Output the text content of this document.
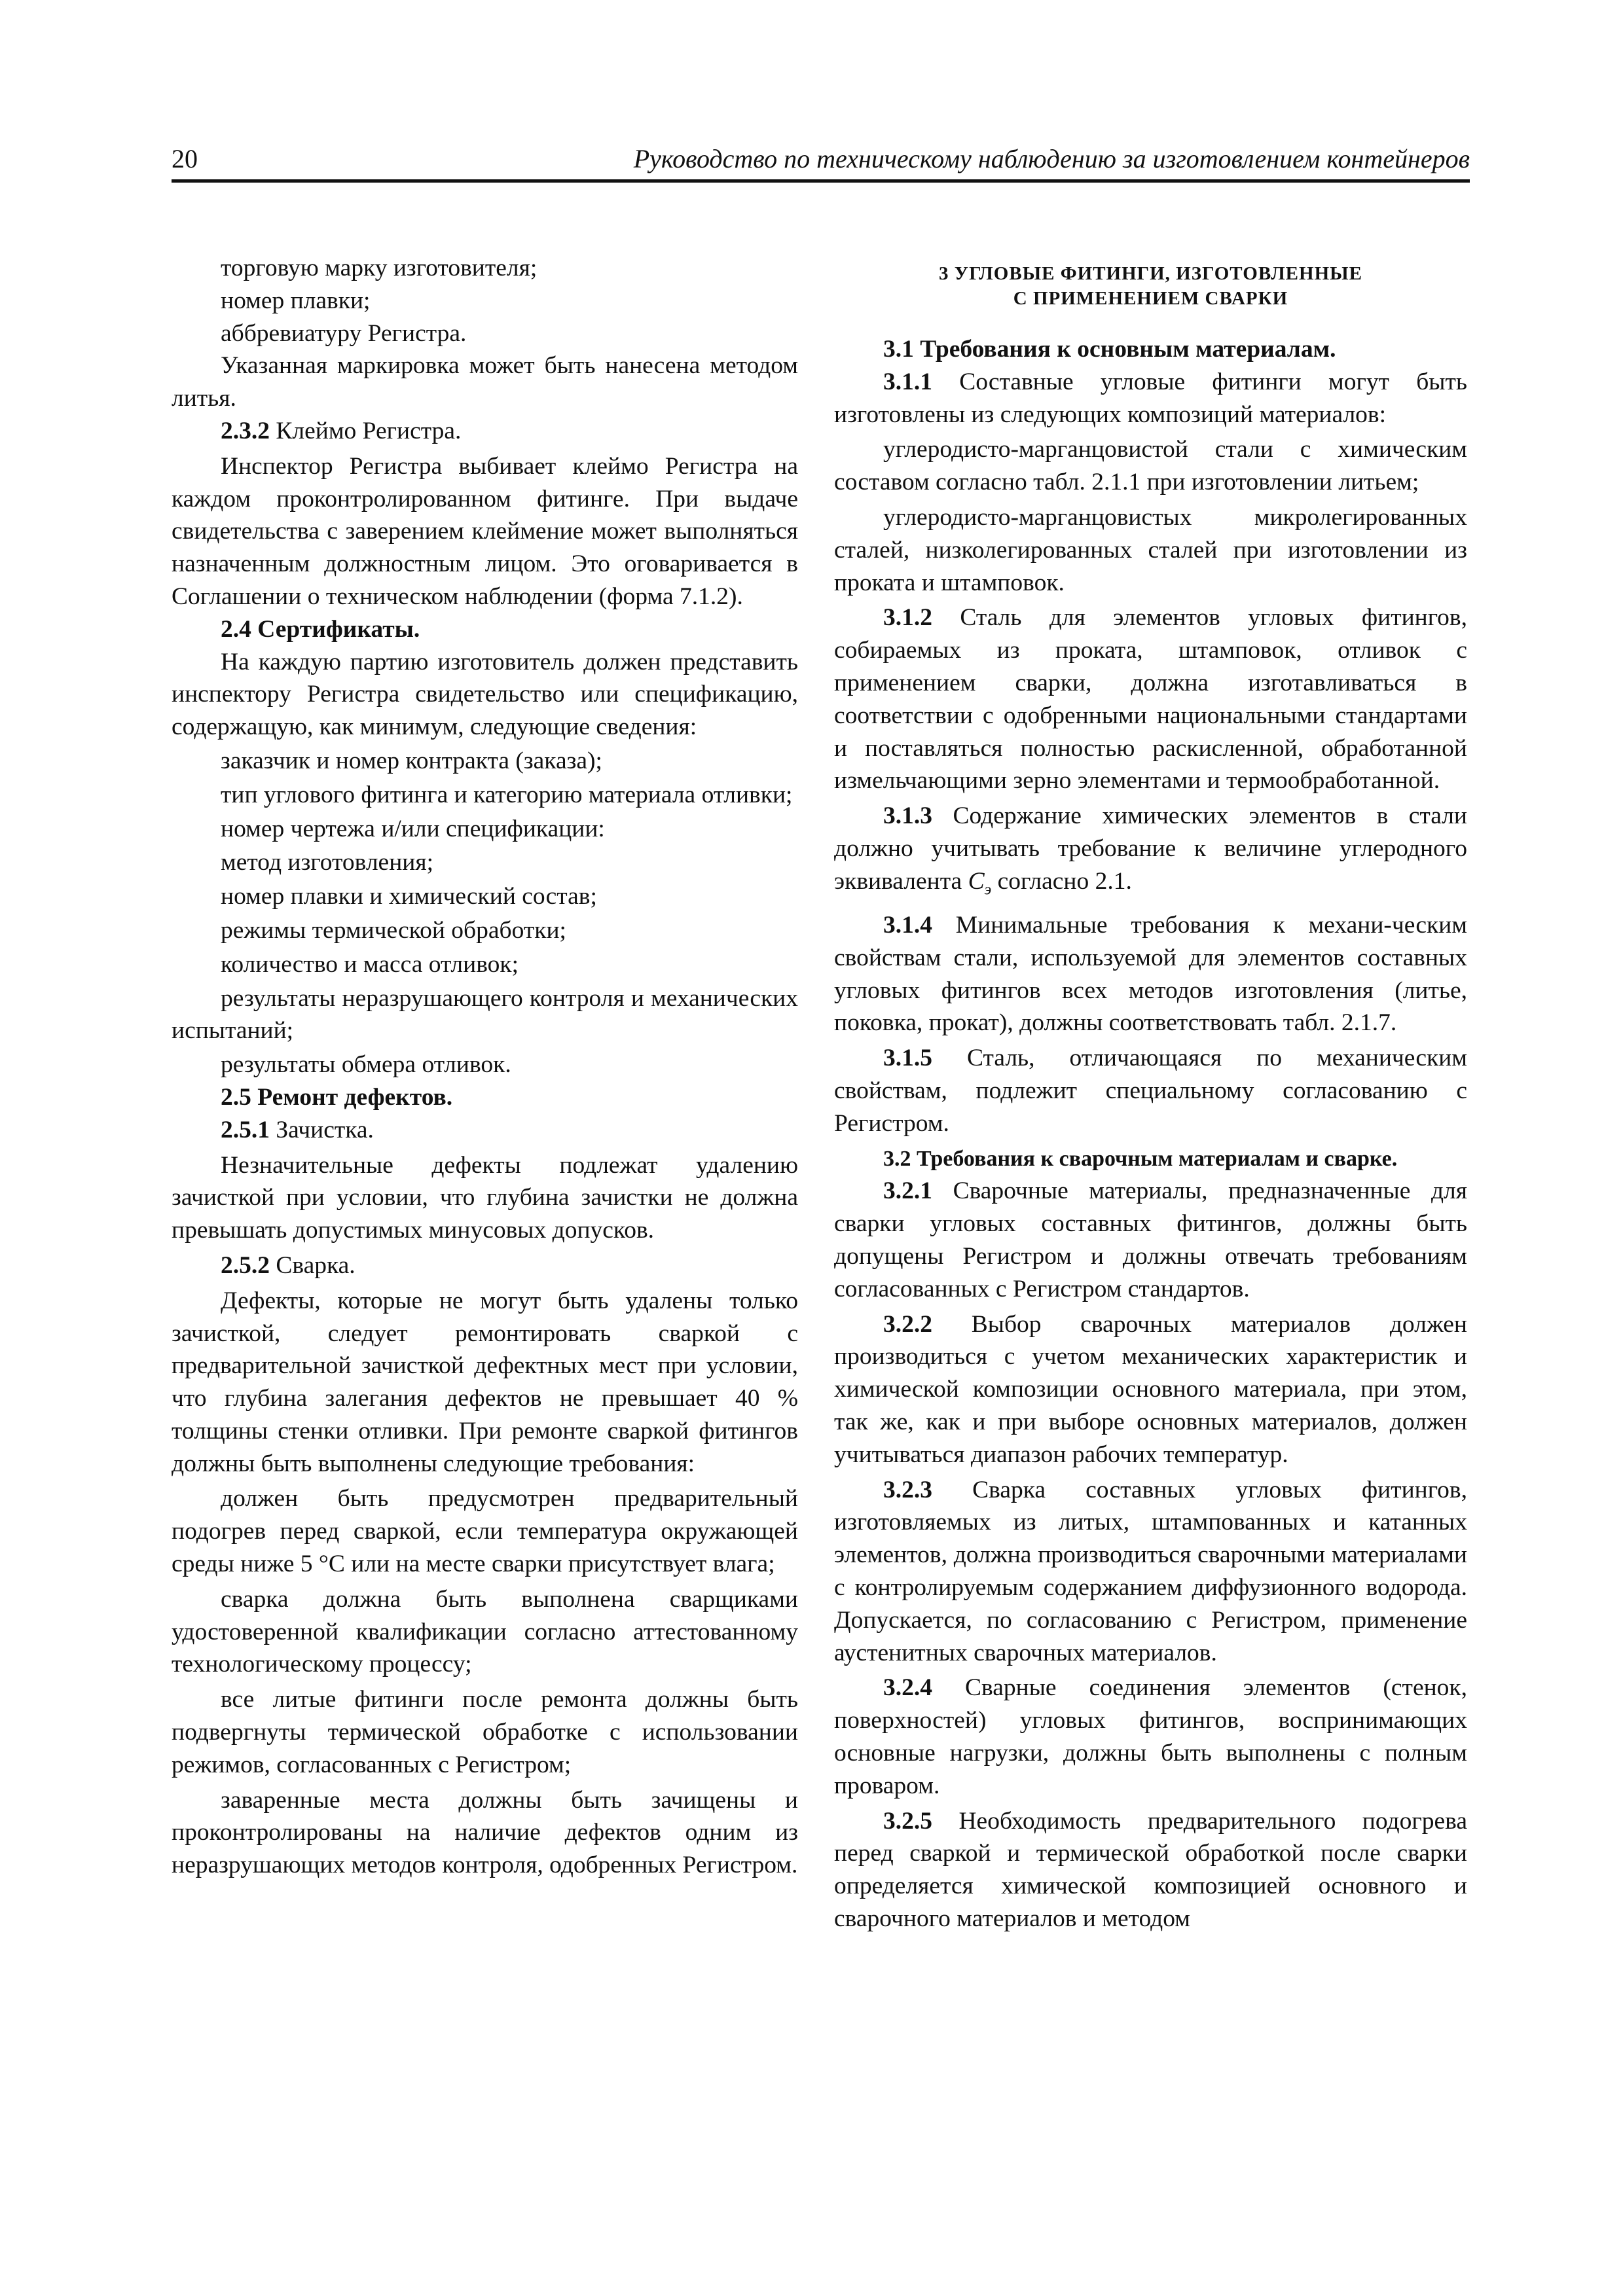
20	Руководство по техническому наблюдению за изготовлением контейнеров

торговую марку изготовителя;

номер плавки;

аббревиатуру Регистра.

Указанная маркировка может быть нанесена методом литья.

2.3.2 Клеймо Регистра.

Инспектор Регистра выбивает клеймо Регистра на каждом проконтролированном фитинге. При выдаче свидетельства с заверением клеймение может выполняться назначенным должностным лицом. Это оговаривается в Соглашении о техническом наблюдении (форма 7.1.2).

2.4 Сертификаты.

На каждую партию изготовитель должен представить инспектору Регистра свидетельство или спецификацию, содержащую, как минимум, следующие сведения:

заказчик и номер контракта (заказа);

тип углового фитинга и категорию материала отливки;

номер чертежа и/или спецификации:

метод изготовления;

номер плавки и химический состав;

режимы термической обработки;

количество и масса отливок;

результаты неразрушающего контроля и механических испытаний;

результаты обмера отливок.

2.5 Ремонт дефектов.

2.5.1 Зачистка.

Незначительные дефекты подлежат удалению зачисткой при условии, что глубина зачистки не должна превышать допустимых минусовых допусков.

2.5.2 Сварка.

Дефекты, которые не могут быть удалены только зачисткой, следует ремонтировать сваркой с предварительной зачисткой дефектных мест при условии, что глубина залегания дефектов не превышает 40 % толщины стенки отливки. При ремонте сваркой фитингов должны быть выполнены следующие требования:

должен быть предусмотрен предварительный подогрев перед сваркой, если температура окружающей среды ниже 5 °C или на месте сварки присутствует влага;

сварка должна быть выполнена сварщиками удостоверенной квалификации согласно аттестованному технологическому процессу;

все литые фитинги после ремонта должны быть подвергнуты термической обработке с использовании режимов, согласованных с Регистром;

заваренные места должны быть зачищены и проконтролированы на наличие дефектов одним из неразрушающих методов контроля, одобренных Регистром.

3 УГЛОВЫЕ ФИТИНГИ, ИЗГОТОВЛЕННЫЕ
С ПРИМЕНЕНИЕМ СВАРКИ

3.1 Требования к основным материалам.

3.1.1 Составные угловые фитинги могут быть изготовлены из следующих композиций материалов:

углеродисто-марганцовистой стали с химическим составом согласно табл. 2.1.1 при изготовлении литьем;

углеродисто-марганцовистых микролегированных сталей, низколегированных сталей при изготовлении из проката и штамповок.

3.1.2 Сталь для элементов угловых фитингов, собираемых из проката, штамповок, отливок с применением сварки, должна изготавливаться в соответствии с одобренными национальными стандартами и поставляться полностью раскисленной, обработанной измельчающими зерно элементами и термообработанной.

3.1.3 Содержание химических элементов в стали должно учитывать требование к величине углеродного эквивалента $C_э$ согласно 2.1.

3.1.4 Минимальные требования к механи-ческим свойствам стали, используемой для элементов составных угловых фитингов всех методов изготовления (литье, поковка, прокат), должны соответствовать табл. 2.1.7.

3.1.5 Сталь, отличающаяся по механическим свойствам, подлежит специальному согласованию с Регистром.

3.2 Требования к сварочным материалам и сварке.

3.2.1 Сварочные материалы, предназначенные для сварки угловых составных фитингов, должны быть допущены Регистром и должны отвечать требованиям согласованных с Регистром стандартов.

3.2.2 Выбор сварочных материалов должен производиться с учетом механических характеристик и химической композиции основного материала, при этом, так же, как и при выборе основных материалов, должен учитываться диапазон рабочих температур.

3.2.3 Сварка составных угловых фитингов, изготовляемых из литых, штампованных и катанных элементов, должна производиться сварочными материалами с контролируемым содержанием диффузионного водорода. Допускается, по согласованию с Регистром, применение аустенитных сварочных материалов.

3.2.4 Сварные соединения элементов (стенок, поверхностей) угловых фитингов, воспринимающих основные нагрузки, должны быть выполнены с полным проваром.

3.2.5 Необходимость предварительного подогрева перед сваркой и термической обработкой после сварки определяется химической композицией основного и сварочного материалов и методом
